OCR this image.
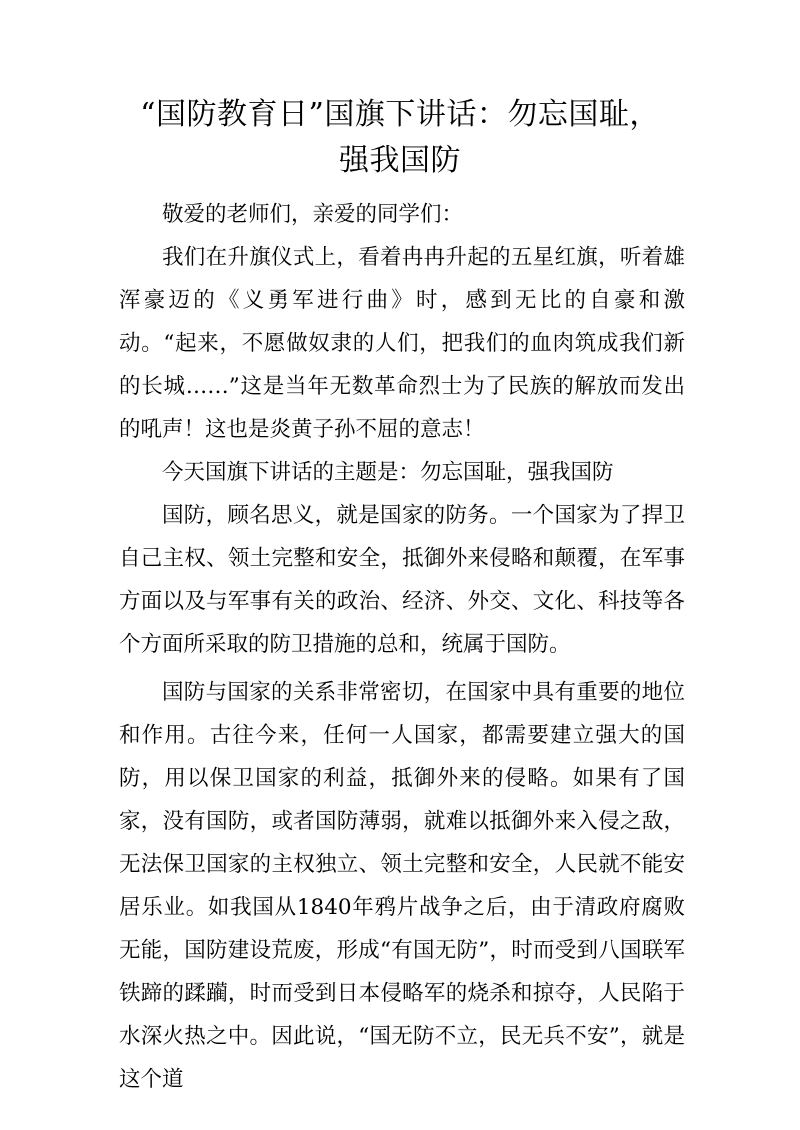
“国防教育日”国旗下讲话：勿忘国耻，
强我国防

敬爱的老师们，亲爱的同学们：

我们在升旗仪式上，看着冉冉升起的五星红旗，听着雄浑豪迈的《义勇军进行曲》时，感到无比的自豪和激动。“起来，不愿做奴隶的人们，把我们的血肉筑成我们新的长城……”这是当年无数革命烈士为了民族的解放而发出的吼声！这也是炎黄子孙不屈的意志！

今天国旗下讲话的主题是：勿忘国耻，强我国防

国防，顾名思义，就是国家的防务。一个国家为了捍卫自己主权、领土完整和安全，抵御外来侵略和颠覆，在军事方面以及与军事有关的政治、经济、外交、文化、科技等各个方面所采取的防卫措施的总和，统属于国防。

国防与国家的关系非常密切，在国家中具有重要的地位和作用。古往今来，任何一人国家，都需要建立强大的国防，用以保卫国家的利益，抵御外来的侵略。如果有了国家，没有国防，或者国防薄弱，就难以抵御外来入侵之敌，无法保卫国家的主权独立、领土完整和安全，人民就不能安居乐业。如我国从1840年鸦片战争之后，由于清政府腐败无能，国防建设荒废，形成“有国无防”，时而受到八国联军铁蹄的蹂躏，时而受到日本侵略军的烧杀和掠夺，人民陷于水深火热之中。因此说，“国无防不立，民无兵不安”，就是这个道
